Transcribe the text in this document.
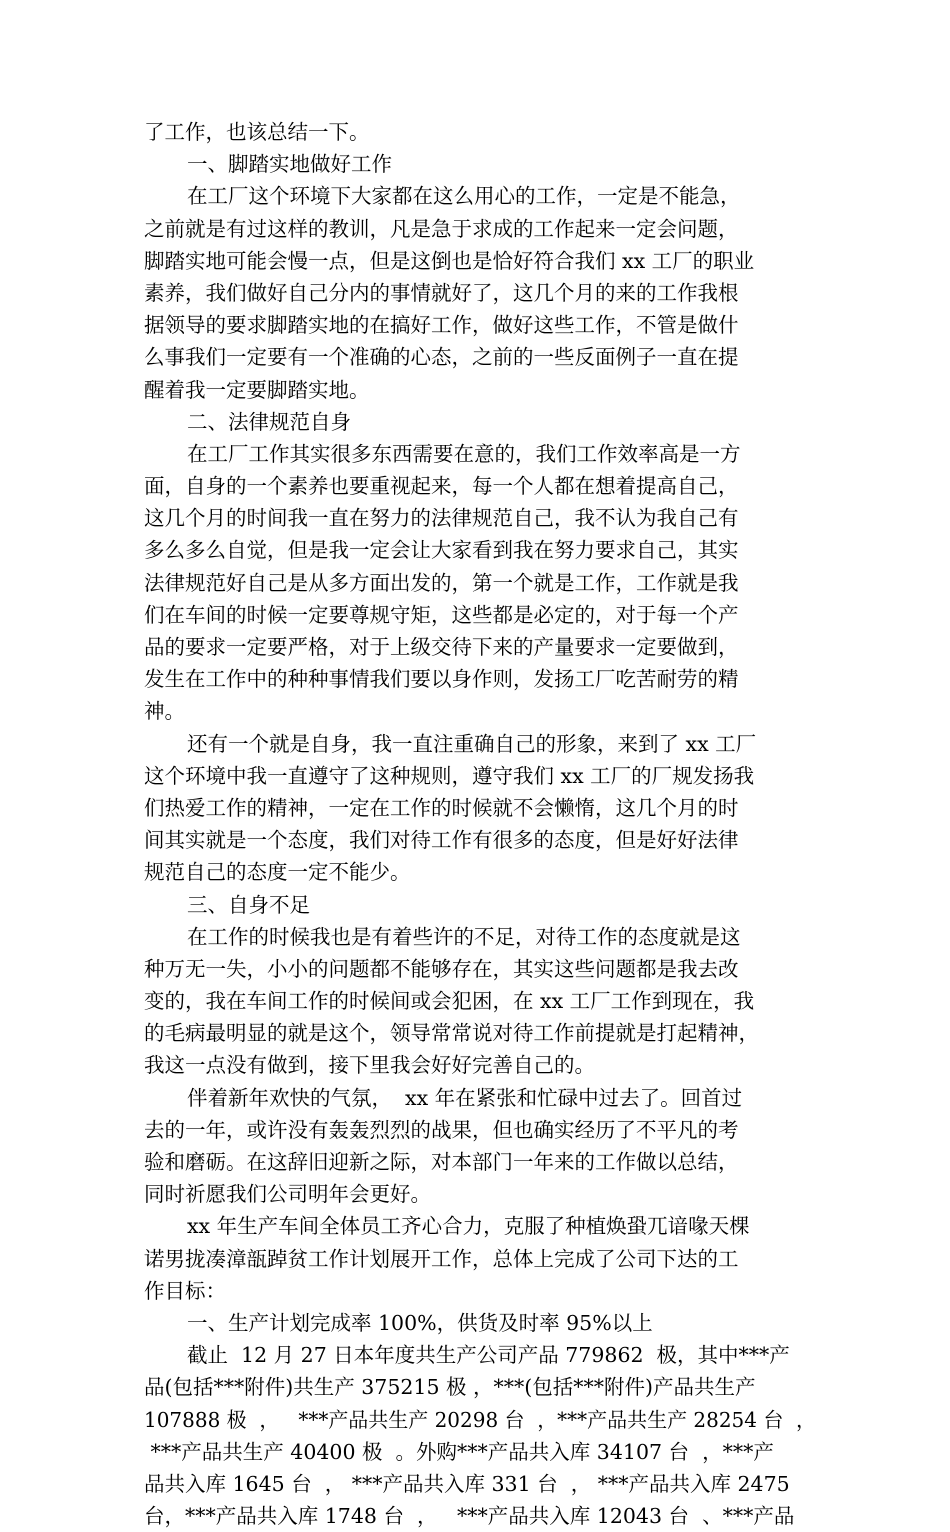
了工作，也该总结一下。
一、脚踏实地做好工作
在工厂这个环境下大家都在这么用心的工作，一定是不能急，
之前就是有过这样的教训，凡是急于求成的工作起来一定会问题，
脚踏实地可能会慢一点，但是这倒也是恰好符合我们 xx 工厂的职业
素养，我们做好自己分内的事情就好了，这几个月的来的工作我根
据领导的要求脚踏实地的在搞好工作，做好这些工作，不管是做什
么事我们一定要有一个准确的心态，之前的一些反面例子一直在提
醒着我一定要脚踏实地。
二、法律规范自身
在工厂工作其实很多东西需要在意的，我们工作效率高是一方
面，自身的一个素养也要重视起来，每一个人都在想着提高自己，
这几个月的时间我一直在努力的法律规范自己，我不认为我自己有
多么多么自觉，但是我一定会让大家看到我在努力要求自己，其实
法律规范好自己是从多方面出发的，第一个就是工作，工作就是我
们在车间的时候一定要尊规守矩，这些都是必定的，对于每一个产
品的要求一定要严格，对于上级交待下来的产量要求一定要做到，
发生在工作中的种种事情我们要以身作则，发扬工厂吃苦耐劳的精
神。
还有一个就是自身，我一直注重确自己的形象，来到了 xx 工厂
这个环境中我一直遵守了这种规则，遵守我们 xx 工厂的厂规发扬我
们热爱工作的精神，一定在工作的时候就不会懒惰，这几个月的时
间其实就是一个态度，我们对待工作有很多的态度，但是好好法律
规范自己的态度一定不能少。
三、自身不足
在工作的时候我也是有着些许的不足，对待工作的态度就是这
种万无一失，小小的问题都不能够存在，其实这些问题都是我去改
变的，我在车间工作的时候间或会犯困，在 xx 工厂工作到现在，我
的毛病最明显的就是这个，领导常常说对待工作前提就是打起精神，
我这一点没有做到，接下里我会好好完善自己的。
伴着新年欢快的气氛，  xx 年在紧张和忙碌中过去了。回首过
去的一年，或许没有轰轰烈烈的战果，但也确实经历了不平凡的考
验和磨砺。在这辞旧迎新之际，对本部门一年来的工作做以总结，
同时祈愿我们公司明年会更好。
xx 年生产车间全体员工齐心合力，克服了种植焕蛩兀谙喙天棵
诺男拢凑漳瓿踔贫工作计划展开工作，总体上完成了公司下达的工
作目标：
一、生产计划完成率 100%，供货及时率 95%以上
截止  12 月 27 日本年度共生产公司产品 779862  极，其中***产
品(包括***附件)共生产 375215 极 ，***(包括***附件)产品共生产
107888 极  ，   ***产品共生产 20298 台  ，***产品共生产 28254 台  ，
***产品共生产 40400 极  。外购***产品共入库 34107 台  ，***产
品共入库 1645 台  ， ***产品共入库 331 台  ， ***产品共入库 2475
台，***产品共入库 1748 台  ，   ***产品共入库 12043 台  、***产品
